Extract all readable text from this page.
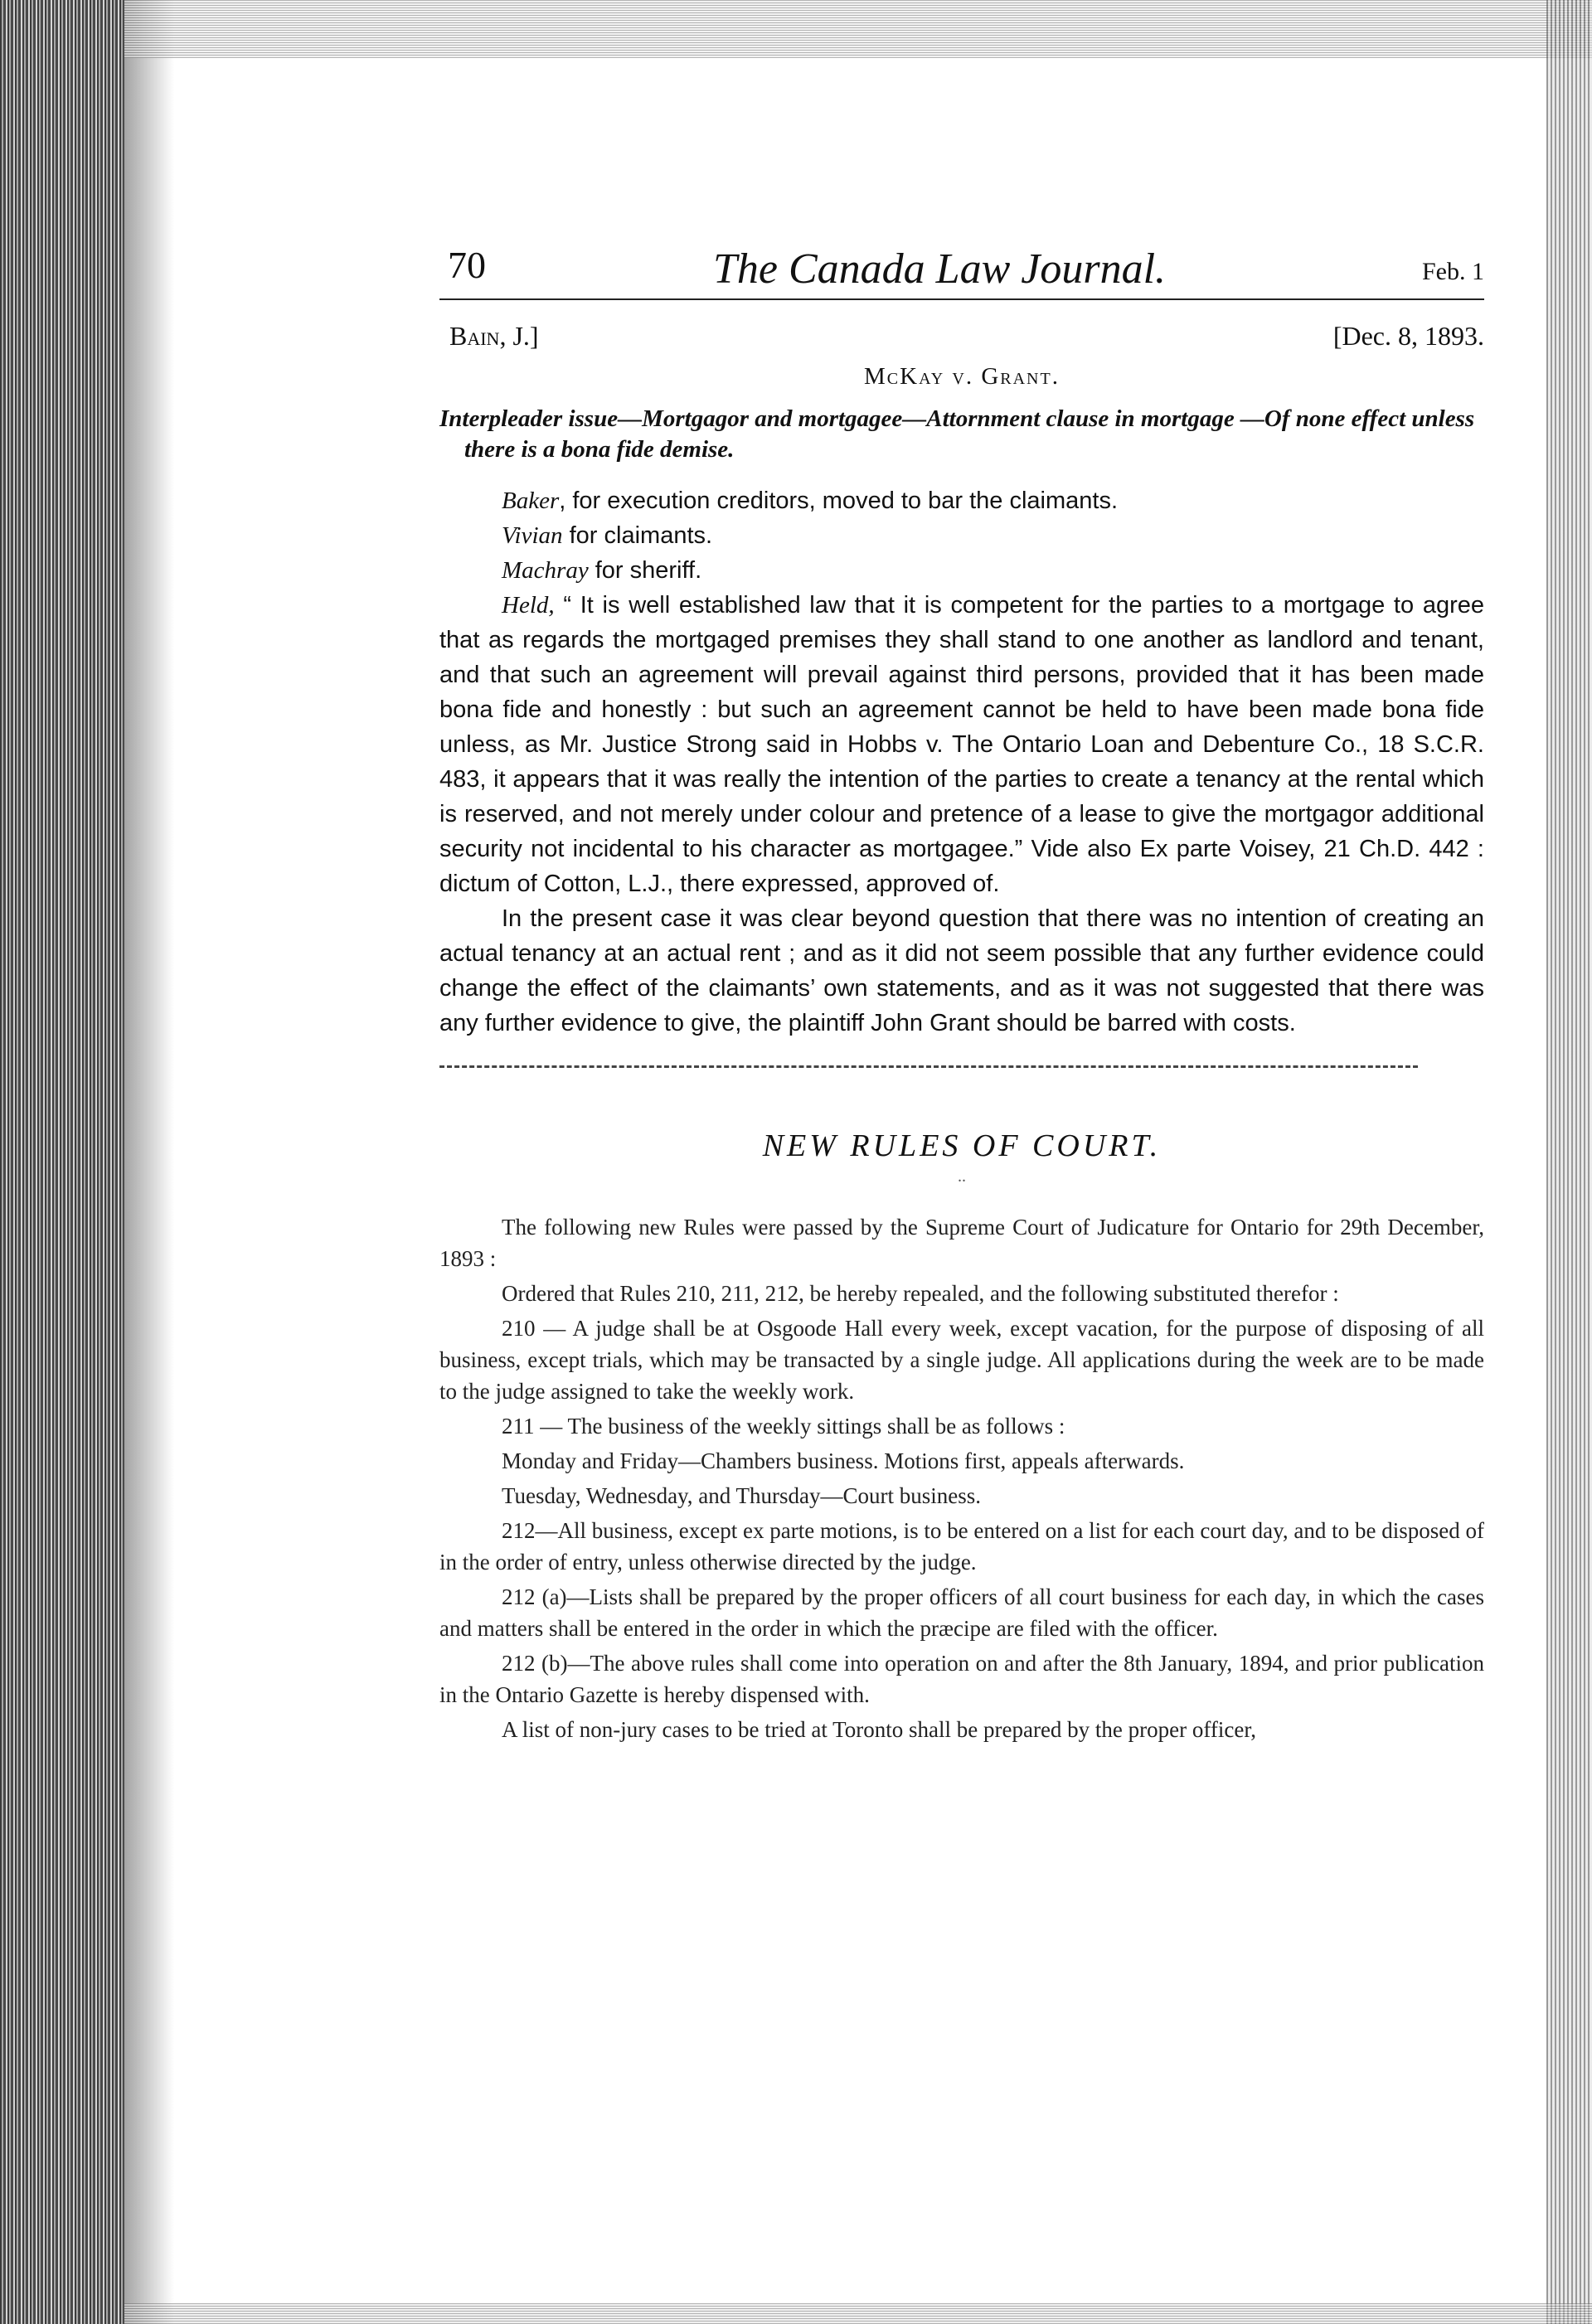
70	The Canada Law Journal.	Feb. 1
Bain, J.]	[Dec. 8, 1893.
McKay v. Grant.
Interpleader issue—Mortgagor and mortgagee—Attornment clause in mortgage —Of none effect unless there is a bona fide demise.

Baker, for execution creditors, moved to bar the claimants.

Vivian for claimants.

Machray for sheriff.

Held, “ It is well established law that it is competent for the parties to a mortgage to agree that as regards the mortgaged premises they shall stand to one another as landlord and tenant, and that such an agreement will prevail against third persons, provided that it has been made bona fide and honestly : but such an agreement cannot be held to have been made bona fide unless, as Mr. Justice Strong said in Hobbs v. The Ontario Loan and Debenture Co., 18 S.C.R. 483, it appears that it was really the intention of the parties to create a tenancy at the rental which is reserved, and not merely under colour and pretence of a lease to give the mortgagor additional security not incidental to his character as mortgagee.” Vide also Ex parte Voisey, 21 Ch.D. 442 : dictum of Cotton, L.J., there expressed, approved of.

In the present case it was clear beyond question that there was no intention of creating an actual tenancy at an actual rent ; and as it did not seem possible that any further evidence could change the effect of the claimants’ own statements, and as it was not suggested that there was any further evidence to give, the plaintiff John Grant should be barred with costs.

NEW RULES OF COURT.
..

The following new Rules were passed by the Supreme Court of Judicature for Ontario for 29th December, 1893 :

Ordered that Rules 210, 211, 212, be hereby repealed, and the following substituted therefor :

210 — A judge shall be at Osgoode Hall every week, except vacation, for the purpose of disposing of all business, except trials, which may be transacted by a single judge. All applications during the week are to be made to the judge assigned to take the weekly work.

211 — The business of the weekly sittings shall be as follows :

Monday and Friday—Chambers business. Motions first, appeals afterwards.

Tuesday, Wednesday, and Thursday—Court business.

212—All business, except ex parte motions, is to be entered on a list for each court day, and to be disposed of in the order of entry, unless otherwise directed by the judge.

212 (a)—Lists shall be prepared by the proper officers of all court business for each day, in which the cases and matters shall be entered in the order in which the præcipe are filed with the officer.

212 (b)—The above rules shall come into operation on and after the 8th January, 1894, and prior publication in the Ontario Gazette is hereby dispensed with.

A list of non-jury cases to be tried at Toronto shall be prepared by the proper officer,
